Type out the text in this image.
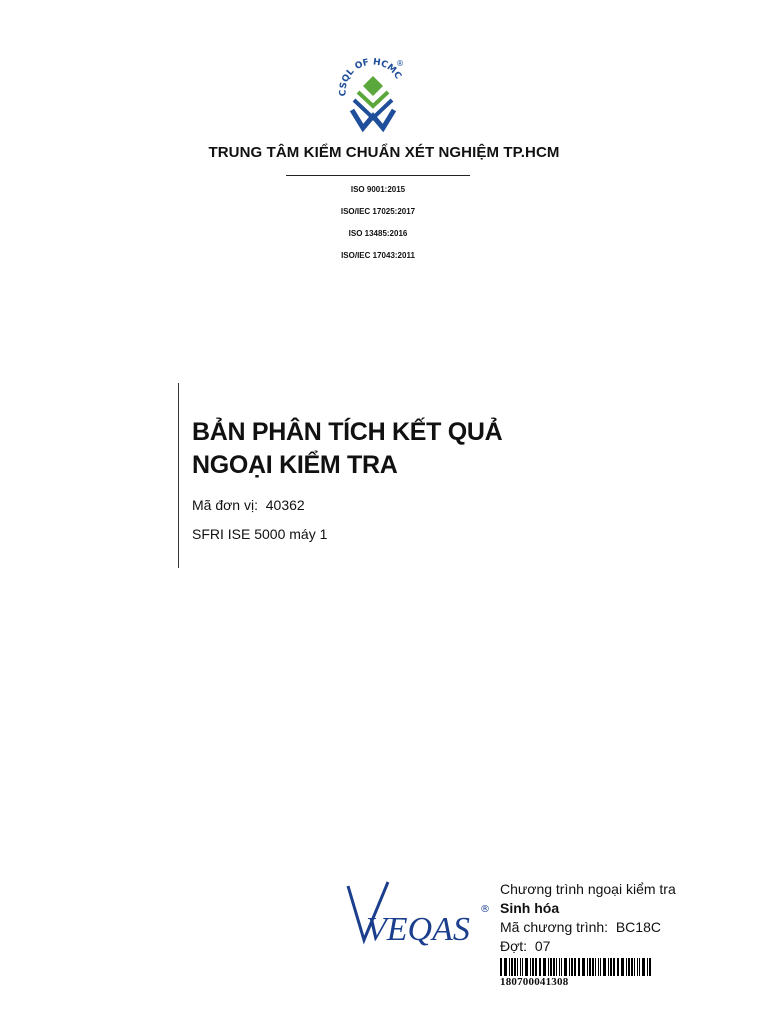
CSQL OF HCMC
®
TRUNG TÂM KIỂM CHUẨN XÉT NGHIỆM TP.HCM
ISO 9001:2015
ISO/IEC 17025:2017
ISO 13485:2016
ISO/IEC 17043:2011
BẢN PHÂN TÍCH KẾT QUẢ
NGOẠI KIỂM TRA
Mã đơn vị: 40362
SFRI ISE 5000 máy 1
VEQAS
®
Chương trình ngoại kiểm tra
Sinh hóa
Mã chương trình: BC18C
Đợt: 07
180700041308
